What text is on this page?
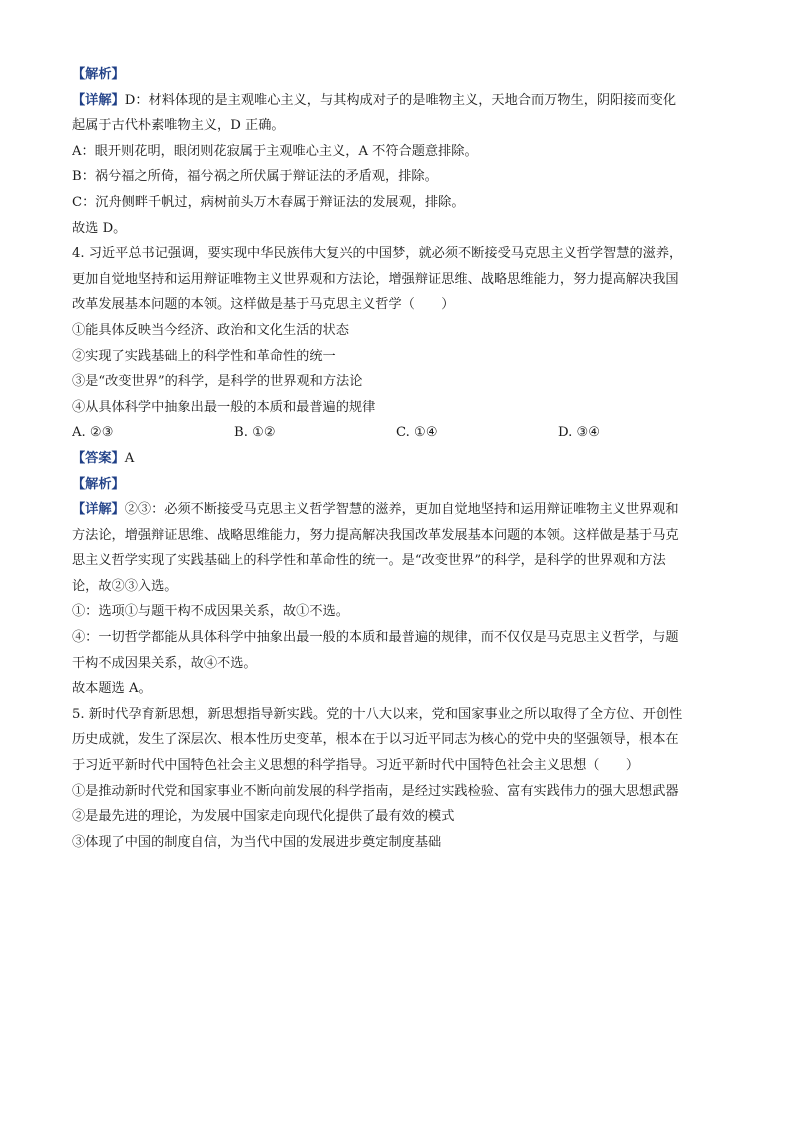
【解析】
【详解】D：材料体现的是主观唯心主义，与其构成对子的是唯物主义，天地合而万物生，阴阳接而变化
起属于古代朴素唯物主义，D 正确。
A：眼开则花明，眼闭则花寂属于主观唯心主义，A 不符合题意排除。
B：祸兮福之所倚，福兮祸之所伏属于辩证法的矛盾观，排除。
C：沉舟侧畔千帆过，病树前头万木春属于辩证法的发展观，排除。
故选 D。
4. 习近平总书记强调，要实现中华民族伟大复兴的中国梦，就必须不断接受马克思主义哲学智慧的滋养，
更加自觉地坚持和运用辩证唯物主义世界观和方法论，增强辩证思维、战略思维能力，努力提高解决我国
改革发展基本问题的本领。这样做是基于马克思主义哲学（　　）
①能具体反映当今经济、政治和文化生活的状态
②实现了实践基础上的科学性和革命性的统一
③是“改变世界”的科学，是科学的世界观和方法论
④从具体科学中抽象出最一般的本质和最普遍的规律
A. ②③	B. ①②	C. ①④	D. ③④
【答案】A
【解析】
【详解】②③：必须不断接受马克思主义哲学智慧的滋养，更加自觉地坚持和运用辩证唯物主义世界观和
方法论，增强辩证思维、战略思维能力，努力提高解决我国改革发展基本问题的本领。这样做是基于马克
思主义哲学实现了实践基础上的科学性和革命性的统一。是“改变世界”的科学，是科学的世界观和方法
论，故②③入选。
①：选项①与题干构不成因果关系，故①不选。
④：一切哲学都能从具体科学中抽象出最一般的本质和最普遍的规律，而不仅仅是马克思主义哲学，与题
干构不成因果关系，故④不选。
故本题选 A。
5. 新时代孕育新思想，新思想指导新实践。党的十八大以来，党和国家事业之所以取得了全方位、开创性
历史成就，发生了深层次、根本性历史变革，根本在于以习近平同志为核心的党中央的坚强领导，根本在
于习近平新时代中国特色社会主义思想的科学指导。习近平新时代中国特色社会主义思想（　　）
①是推动新时代党和国家事业不断向前发展的科学指南，是经过实践检验、富有实践伟力的强大思想武器
②是最先进的理论，为发展中国家走向现代化提供了最有效的模式
③体现了中国的制度自信，为当代中国的发展进步奠定制度基础
